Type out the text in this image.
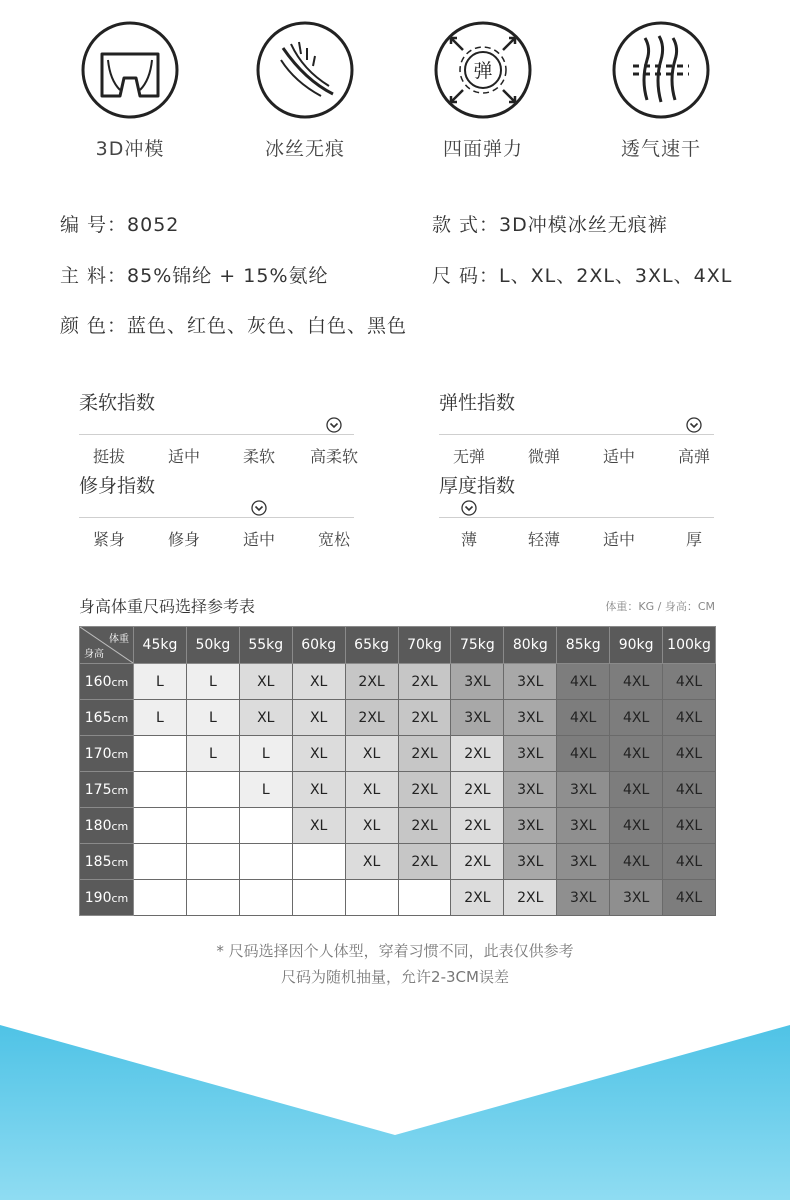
3D冲模	冰丝无痕
弹
四面弹力	透气速干
编 号：8052	款 式：3D冲模冰丝无痕裤
主 料：85%锦纶 + 15%氨纶	尺 码：L、XL、2XL、3XL、4XL
颜 色：蓝色、红色、灰色、白色、黑色
柔软指数
挺拔	适中	柔软	高柔软
弹性指数
无弹	微弹	适中	高弹
修身指数
紧身	修身	适中	宽松
厚度指数
薄	轻薄	适中	厚
身高体重尺码选择参考表	体重：KG / 身高：CM
体重
身高	45kg	50kg	55kg	60kg	65kg	70kg	75kg	80kg	85kg	90kg	100kg
160cm	L	L	XL	XL	2XL	2XL	3XL	3XL	4XL	4XL	4XL
165cm	L	L	XL	XL	2XL	2XL	3XL	3XL	4XL	4XL	4XL
170cm		L	L	XL	XL	2XL	2XL	3XL	4XL	4XL	4XL
175cm			L	XL	XL	2XL	2XL	3XL	3XL	4XL	4XL
180cm				XL	XL	2XL	2XL	3XL	3XL	4XL	4XL
185cm					XL	2XL	2XL	3XL	3XL	4XL	4XL
190cm							2XL	2XL	3XL	3XL	4XL
* 尺码选择因个人体型，穿着习惯不同，此表仅供参考
尺码为随机抽量，允许2-3CM误差
